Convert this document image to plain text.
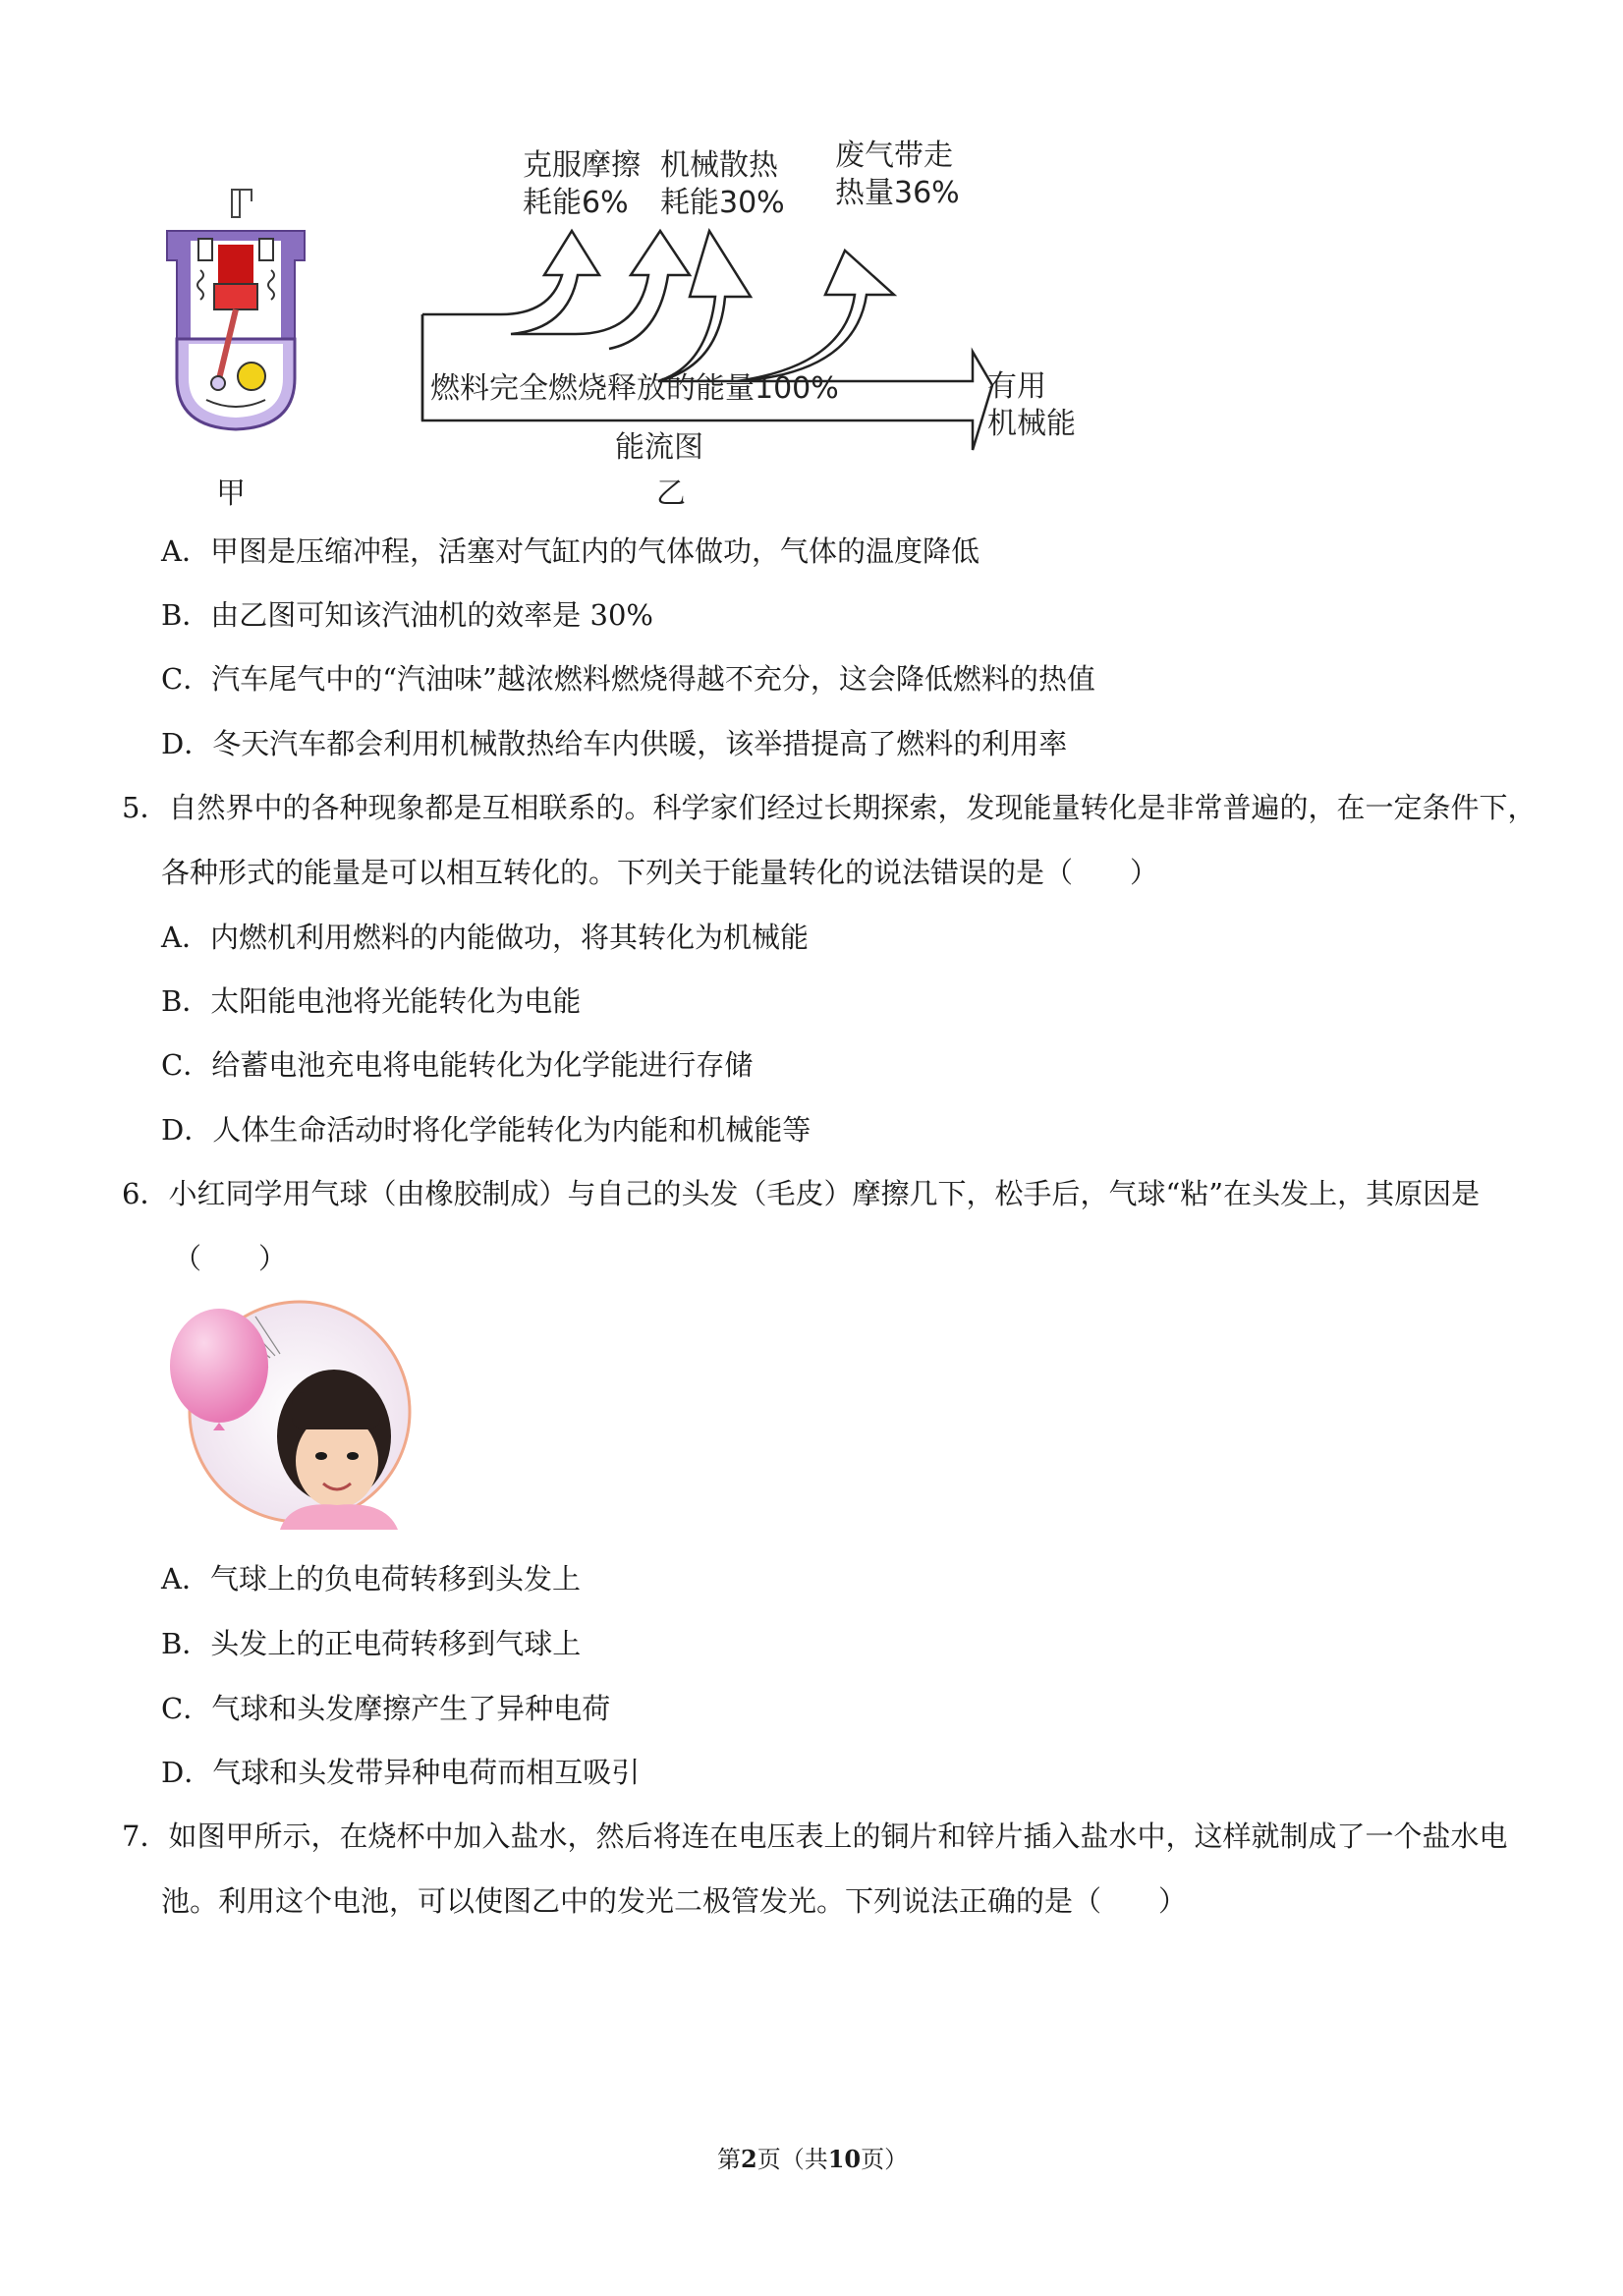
甲
克服摩擦
耗能6%
机械散热
耗能30%
废气带走
热量36%
燃料完全燃烧释放的能量100%	有用
机械能
能流图
乙
A．甲图是压缩冲程，活塞对气缸内的气体做功，气体的温度降低
B．由乙图可知该汽油机的效率是 30%
C．汽车尾气中的“汽油味”越浓燃料燃烧得越不充分，这会降低燃料的热值
D．冬天汽车都会利用机械散热给车内供暖，该举措提高了燃料的利用率
5．自然界中的各种现象都是互相联系的。科学家们经过长期探索，发现能量转化是非常普遍的，在一定条件下，
各种形式的能量是可以相互转化的。下列关于能量转化的说法错误的是（　　）
A．内燃机利用燃料的内能做功，将其转化为机械能
B．太阳能电池将光能转化为电能
C．给蓄电池充电将电能转化为化学能进行存储
D．人体生命活动时将化学能转化为内能和机械能等
6．小红同学用气球（由橡胶制成）与自己的头发（毛皮）摩擦几下，松手后，气球“粘”在头发上，其原因是
（　　）
A．气球上的负电荷转移到头发上
B．头发上的正电荷转移到气球上
C．气球和头发摩擦产生了异种电荷
D．气球和头发带异种电荷而相互吸引
7．如图甲所示，在烧杯中加入盐水，然后将连在电压表上的铜片和锌片插入盐水中，这样就制成了一个盐水电
池。利用这个电池，可以使图乙中的发光二极管发光。下列说法正确的是（　　）
第2页（共10页）
